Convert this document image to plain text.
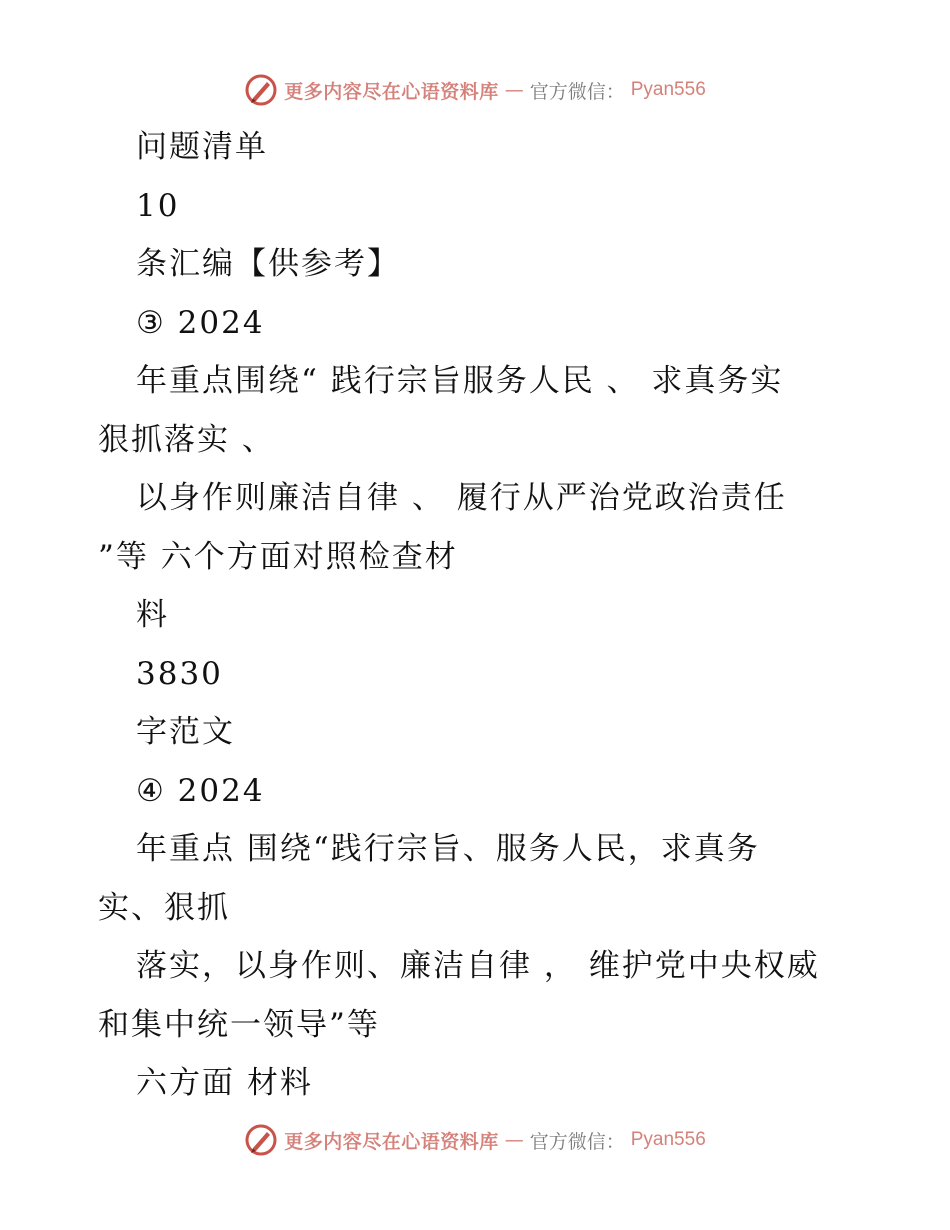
更多内容尽在心语资料库 — 官方微信： Pyan556
问题清单
10
条汇编【供参考】
③ 2024
年重点围绕“ 践行宗旨服务人民 、 求真务实
狠抓落实 、
以身作则廉洁自律 、 履行从严治党政治责任
”等 六个方面对照检查材
料
3830
字范文
④ 2024
年重点 围绕“践行宗旨、服务人民，求真务
实、狠抓
落实，以身作则、廉洁自律 ， 维护党中央权威
和集中统一领导”等
六方面 材料
更多内容尽在心语资料库 — 官方微信： Pyan556
